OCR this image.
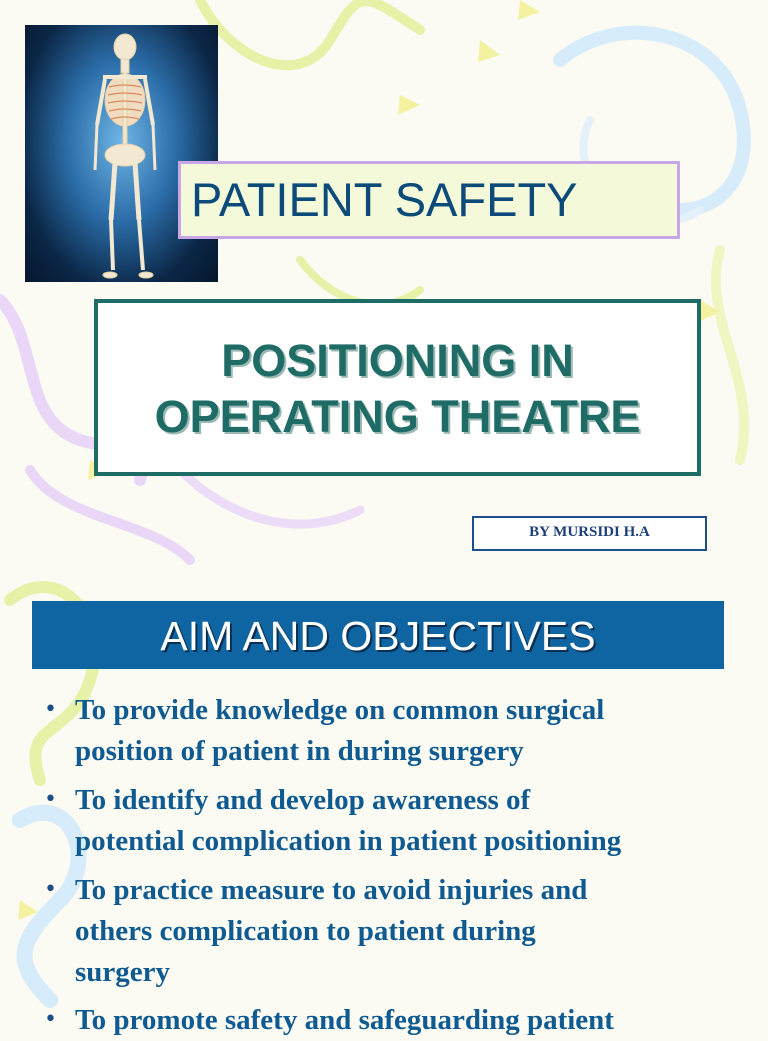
PATIENT SAFETY
POSITIONING IN
OPERATING THEATRE
BY MURSIDI H.A
AIM AND OBJECTIVES
• To provide knowledge on common surgical
position of patient in during surgery
• To identify and develop awareness of
potential complication in patient positioning
• To practice measure to avoid injuries and
others complication to patient during
surgery
• To promote safety and safeguarding patient
